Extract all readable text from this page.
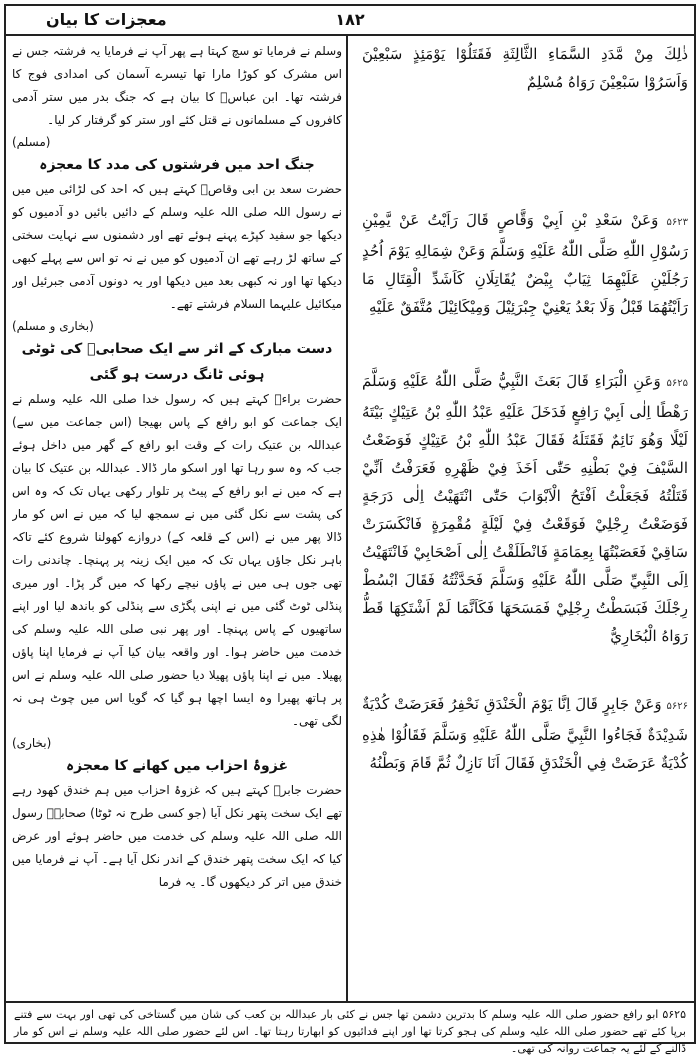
معجزات کا بیان	۱۸۲

ذٰلِكَ مِنْ مَّدَدِ السَّمَاءِ الثَّالِثَةِ فَقَتَلُوْا يَوْمَئِذٍ سَبْعِيْنَ وَاَسَرُوْا سَبْعِيْنَ رَوَاهُ مُسْلِمٌ

۵۶۲۳ وَعَنْ سَعْدِ بْنِ اَبِيْ وَقَّاصٍ قَالَ رَاَيْتُ عَنْ يَّمِيْنِ رَسُوْلِ اللّٰهِ صَلَّى اللّٰهُ عَلَيْهِ وَسَلَّمَ وَعَنْ شِمَالِهِ يَوْمَ اُحُدٍ رَجُلَيْنِ عَلَيْهِمَا ثِيَابٌ بِيْضٌ يُقَاتِلَانِ كَاَشَدِّ الْقِتَالِ مَا رَاَيْتُهُمَا قَبْلُ وَلَا بَعْدُ يَعْنِيْ جِبْرَئِيْلَ وَمِيْكَائِيْلَ مُتَّفَقٌ عَلَيْهِ

۵۶۲۵ وَعَنِ الْبَرَاءِ قَالَ بَعَثَ النَّبِيُّ صَلَّى اللّٰهُ عَلَيْهِ وَسَلَّمَ رَهْطًا اِلٰى اَبِيْ رَافِعٍ فَدَخَلَ عَلَيْهِ عَبْدُ اللّٰهِ بْنُ عَتِيْكٍ بَيْتَهُ لَيْلًا وَهُوَ نَائِمٌ فَقَتَلَهُ فَقَالَ عَبْدُ اللّٰهِ بْنُ عَتِيْكٍ فَوَضَعْتُ السَّيْفَ فِيْ بَطْنِهِ حَتّٰى اَخَذَ فِيْ ظَهْرِهِ فَعَرَفْتُ اَنِّيْ قَتَلْتُهُ فَجَعَلْتُ اَفْتَحُ الْاَبْوَابَ حَتّٰى انْتَهَيْتُ اِلٰى دَرَجَةٍ فَوَضَعْتُ رِجْلِيْ فَوَقَعْتُ فِيْ لَيْلَةٍ مُقْمِرَةٍ فَانْكَسَرَتْ سَاقِيْ فَعَصَبْتُهَا بِعِمَامَةٍ فَانْطَلَقْتُ اِلٰى اَصْحَابِيْ فَانْتَهَيْتُ اِلَى النَّبِيِّ صَلَّى اللّٰهُ عَلَيْهِ وَسَلَّمَ فَحَدَّثْتُهُ فَقَالَ ابْسُطْ رِجْلَكَ فَبَسَطْتُ رِجْلِيْ فَمَسَحَهَا فَكَاَنَّمَا لَمْ اَشْتَكِهَا قَطُّ رَوَاهُ الْبُخَارِيُّ

۵۶۲۶ وَعَنْ جَابِرٍ قَالَ اِنَّا يَوْمَ الْخَنْدَقِ نَحْفِرُ فَعَرَضَتْ كُدْيَةٌ شَدِيْدَةٌ فَجَاءُوا النَّبِيَّ صَلَّى اللّٰهُ عَلَيْهِ وَسَلَّمَ فَقَالُوْا هٰذِهِ كُدْيَةٌ عَرَضَتْ فِي الْخَنْدَقِ فَقَالَ اَنَا نَازِلٌ ثُمَّ قَامَ وَبَطْنُهُ

وسلم نے فرمایا تو سچ کہتا ہے پھر آپ نے فرمایا یہ فرشتہ جس نے اس مشرک کو کوڑا مارا تھا تیسرے آسمان کی امدادی فوج کا فرشتہ تھا۔ ابن عباسؓ کا بیان ہے کہ جنگ بدر میں ستر آدمی کافروں کے مسلمانوں نے قتل کئے اور ستر کو گرفتار کر لیا۔

(مسلم)

جنگ احد میں فرشتوں کی مدد کا معجزہ

حضرت سعد بن ابی وقاصؓ کہتے ہیں کہ احد کی لڑائی میں میں نے رسول اللہ صلی اللہ علیہ وسلم کے دائیں بائیں دو آدمیوں کو دیکھا جو سفید کپڑے پہنے ہوئے تھے اور دشمنوں سے نہایت سختی کے ساتھ لڑ رہے تھے ان آدمیوں کو میں نے نہ تو اس سے پہلے کبھی دیکھا تھا اور نہ کبھی بعد میں دیکھا اور یہ دونوں آدمی جبرئیل اور میکائیل علیہما السلام فرشتے تھے۔

(بخاری و مسلم)

دست مبارک کے اثر سے ایک صحابیؓ کی ٹوٹی ہوئی ٹانگ درست ہو گئی

حضرت براءؓ کہتے ہیں کہ رسول خدا صلی اللہ علیہ وسلم نے ایک جماعت کو ابو رافع کے پاس بھیجا (اس جماعت میں سے) عبداللہ بن عتیک رات کے وقت ابو رافع کے گھر میں داخل ہوئے جب کہ وہ سو رہا تھا اور اسکو مار ڈالا۔ عبداللہ بن عتیک کا بیان ہے کہ میں نے ابو رافع کے پیٹ پر تلوار رکھی یہاں تک کہ وہ اس کی پشت سے نکل گئی میں نے سمجھ لیا کہ میں نے اس کو مار ڈالا پھر میں نے (اس کے قلعہ کے) دروازے کھولنا شروع کئے تاکہ باہر نکل جاؤں یہاں تک کہ میں ایک زینہ پر پہنچا۔ چاندنی رات تھی جوں ہی میں نے پاؤں نیچے رکھا کہ میں گر پڑا۔ اور میری پنڈلی ٹوٹ گئی میں نے اپنی پگڑی سے پنڈلی کو باندھ لیا اور اپنے ساتھیوں کے پاس پہنچا۔ اور پھر نبی صلی اللہ علیہ وسلم کی خدمت میں حاضر ہوا۔ اور واقعہ بیان کیا آپ نے فرمایا اپنا پاؤں پھیلا۔ میں نے اپنا پاؤں پھیلا دیا حضور صلی اللہ علیہ وسلم نے اس پر ہاتھ پھیرا وہ ایسا اچھا ہو گیا کہ گویا اس میں چوٹ ہی نہ لگی تھی۔

(بخاری)

غزوۂ احزاب میں کھانے کا معجزہ

حضرت جابرؓ کہتے ہیں کہ غزوۂ احزاب میں ہم خندق کھود رہے تھے ایک سخت پتھر نکل آیا (جو کسی طرح نہ ٹوٹا) صحابہؓ رسول اللہ صلی اللہ علیہ وسلم کی خدمت میں حاضر ہوئے اور عرض کیا کہ ایک سخت پتھر خندق کے اندر نکل آیا ہے۔ آپ نے فرمایا میں خندق میں اتر کر دیکھوں گا۔ یہ فرما

۵۶۲۵ ابو رافع حضور صلی اللہ علیہ وسلم کا بدترین دشمن تھا جس نے کئی بار عبداللہ بن کعب کی شان میں گستاخی کی تھی اور بہت سے فتنے برپا کئے تھے حضور صلی اللہ علیہ وسلم کی ہجو کرتا تھا اور اپنے فدائیوں کو ابھارتا رہتا تھا۔ اس لئے حضور صلی اللہ علیہ وسلم نے اس کو مار ڈالنے کے لئے یہ جماعت روانہ کی تھی۔
